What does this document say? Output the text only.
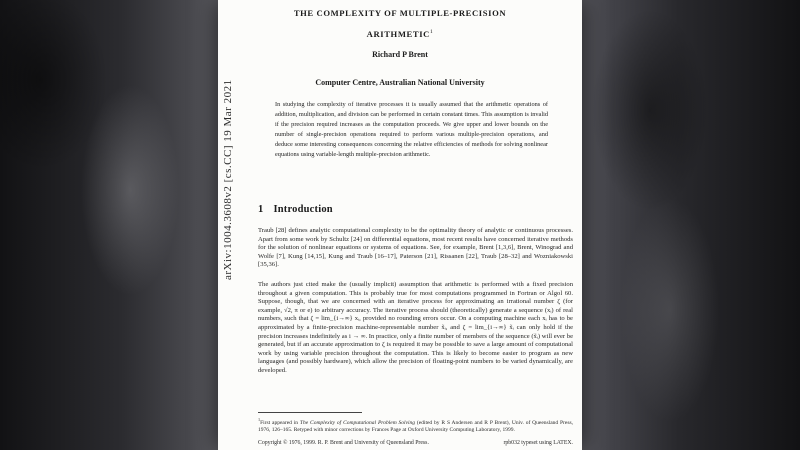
arXiv:1004.3608v2 [cs.CC] 19 Mar 2021
THE COMPLEXITY OF MULTIPLE-PRECISION
ARITHMETIC$^1$
Richard P Brent
Computer Centre, Australian National University
In studying the complexity of iterative processes it is usually assumed that the arithmetic operations of addition, multiplication, and division can be performed in certain constant times. This assumption is invalid if the precision required increases as the computation proceeds. We give upper and lower bounds on the number of single-precision operations required to perform various multiple-precision operations, and deduce some interesting consequences concerning the relative efficiencies of methods for solving nonlinear equations using variable-length multiple-precision arithmetic.
1 Introduction
Traub [28] defines analytic computational complexity to be the optimality theory of analytic or continuous processes. Apart from some work by Schultz [24] on differential equations, most recent results have concerned iterative methods for the solution of nonlinear equations or systems of equations. See, for example, Brent [1,3,6], Brent, Winograd and Wolfe [7], Kung [14,15], Kung and Traub [16–17], Paterson [21], Rissanen [22], Traub [28–32] and Wozniakowski [35,36].
The authors just cited make the (usually implicit) assumption that arithmetic is performed with a fixed precision throughout a given computation. This is probably true for most computations programmed in Fortran or Algol 60. Suppose, though, that we are concerned with an iterative process for approximating an irrational number ζ (for example, √2, π or e) to arbitrary accuracy. The iterative process should (theoretically) generate a sequence (xᵢ) of real numbers, such that ζ = lim_{i→∞} xᵢ, provided no rounding errors occur. On a computing machine each xᵢ has to be approximated by a finite-precision machine-representable number x̃ᵢ, and ζ = lim_{i→∞} x̃ᵢ can only hold if the precision increases indefinitely as i → ∞. In practice, only a finite number of members of the sequence (x̃ᵢ) will ever be generated, but if an accurate approximation to ζ is required it may be possible to save a large amount of computational work by using variable precision throughout the computation. This is likely to become easier to program as new languages (and possibly hardware), which allow the precision of floating-point numbers to be varied dynamically, are developed.
$^1$First appeared in The Complexity of Computational Problem Solving (edited by R S Andersen and R P Brent), Univ. of Queensland Press, 1976, 126–165. Retyped with minor corrections by Frances Page at Oxford University Computing Laboratory, 1999.
Copyright © 1976, 1999. R. P. Brent and University of Queensland Press.	rpb032 typeset using LATEX.
